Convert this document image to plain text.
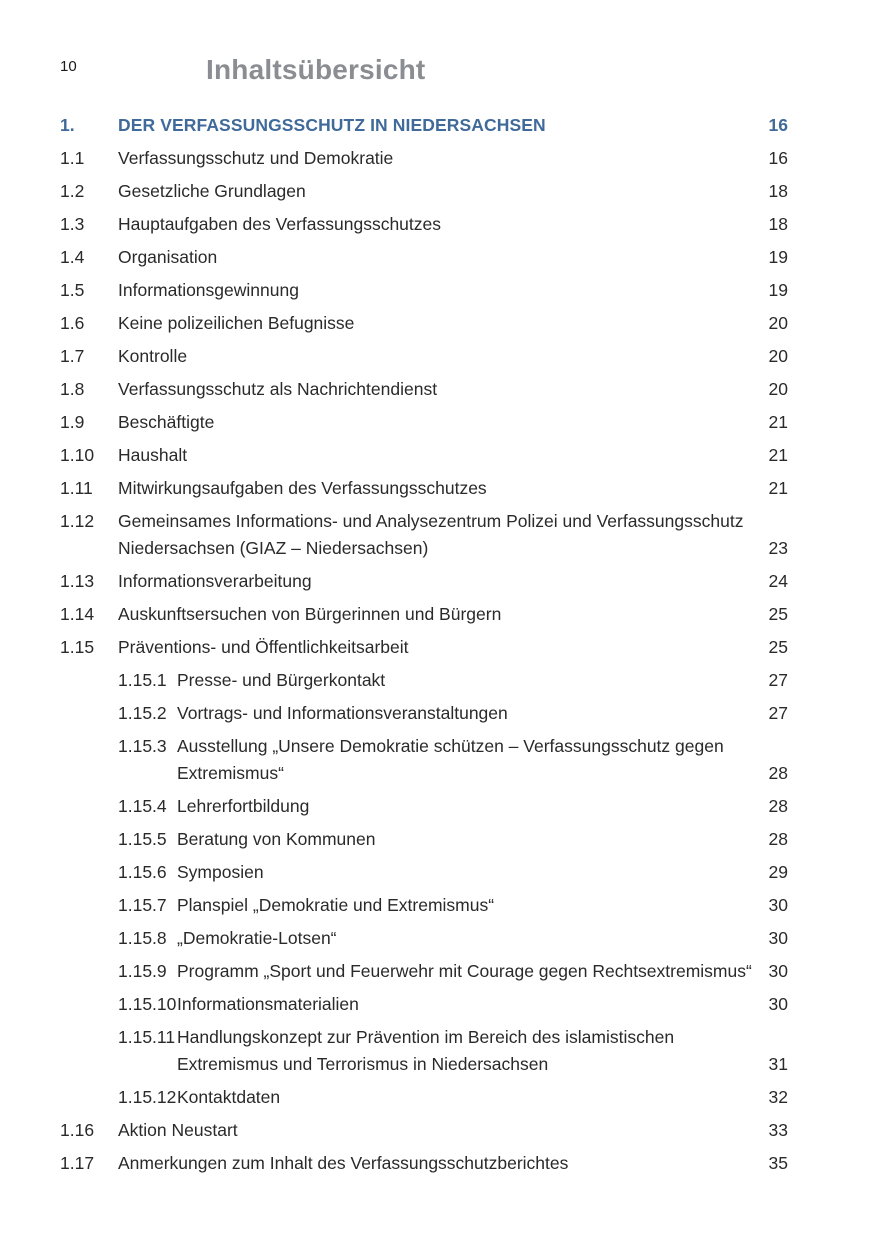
10	Inhaltsübersicht
1. DER VERFASSUNGSSCHUTZ IN NIEDERSACHSEN	16
1.1 Verfassungsschutz und Demokratie	16
1.2 Gesetzliche Grundlagen	18
1.3 Hauptaufgaben des Verfassungsschutzes	18
1.4 Organisation	19
1.5 Informationsgewinnung	19
1.6 Keine polizeilichen Befugnisse	20
1.7 Kontrolle	20
1.8 Verfassungsschutz als Nachrichtendienst	20
1.9 Beschäftigte	21
1.10 Haushalt	21
1.11 Mitwirkungsaufgaben des Verfassungsschutzes	21
1.12 Gemeinsames Informations- und Analysezentrum Polizei und Verfassungsschutz Niedersachsen (GIAZ – Niedersachsen)	23
1.13 Informationsverarbeitung	24
1.14 Auskunftsersuchen von Bürgerinnen und Bürgern	25
1.15 Präventions- und Öffentlichkeitsarbeit	25
1.15.1 Presse- und Bürgerkontakt	27
1.15.2 Vortrags- und Informationsveranstaltungen	27
1.15.3 Ausstellung „Unsere Demokratie schützen – Verfassungsschutz gegen Extremismus“	28
1.15.4 Lehrerfortbildung	28
1.15.5 Beratung von Kommunen	28
1.15.6 Symposien	29
1.15.7 Planspiel „Demokratie und Extremismus“	30
1.15.8 „Demokratie-Lotsen“	30
1.15.9 Programm „Sport und Feuerwehr mit Courage gegen Rechtsextremismus“ 30
1.15.10 Informationsmaterialien	30
1.15.11 Handlungskonzept zur Prävention im Bereich des islamistischen Extremismus und Terrorismus in Niedersachsen	31
1.15.12 Kontaktdaten	32
1.16 Aktion Neustart	33
1.17 Anmerkungen zum Inhalt des Verfassungsschutzberichtes	35
